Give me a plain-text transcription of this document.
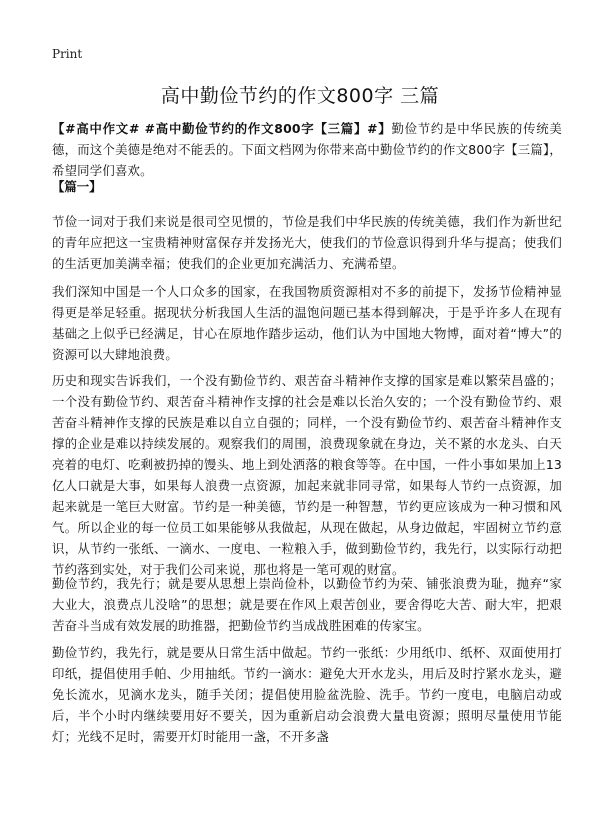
Print
高中勤俭节约的作文800字 三篇
【#高中作文# #高中勤俭节约的作文800字【三篇】#】勤俭节约是中华民族的传统美德，而这个美德是绝对不能丢的。下面文档网为你带来高中勤俭节约的作文800字【三篇】，希望同学们喜欢。
【篇一】

节俭一词对于我们来说是很司空见惯的，节俭是我们中华民族的传统美德，我们作为新世纪的青年应把这一宝贵精神财富保存并发扬光大，使我们的节俭意识得到升华与提高；使我们的生活更加美满幸福；使我们的企业更加充满活力、充满希望。

我们深知中国是一个人口众多的国家，在我国物质资源相对不多的前提下，发扬节俭精神显得更是举足轻重。据现状分析我国人生活的温饱问题已基本得到解决，于是乎许多人在现有基础之上似乎已经满足，甘心在原地作踏步运动，他们认为中国地大物博，面对着“博大”的资源可以大肆地浪费。

历史和现实告诉我们，一个没有勤俭节约、艰苦奋斗精神作支撑的国家是难以繁荣昌盛的；一个没有勤俭节约、艰苦奋斗精神作支撑的社会是难以长治久安的；一个没有勤俭节约、艰苦奋斗精神作支撑的民族是难以自立自强的；同样，一个没有勤俭节约、艰苦奋斗精神作支撑的企业是难以持续发展的。观察我们的周围，浪费现象就在身边，关不紧的水龙头、白天亮着的电灯、吃剩被扔掉的馒头、地上到处洒落的粮食等等。在中国，一件小事如果加上13亿人口就是大事，如果每人浪费一点资源，加起来就非同寻常，如果每人节约一点资源，加起来就是一笔巨大财富。节约是一种美德，节约是一种智慧，节约更应该成为一种习惯和风气。所以企业的每一位员工如果能够从我做起，从现在做起，从身边做起，牢固树立节约意识，从节约一张纸、一滴水、一度电、一粒粮入手，做到勤俭节约，我先行，以实际行动把节约落到实处，对于我们公司来说，那也将是一笔可观的财富。

勤俭节约，我先行；就是要从思想上崇尚俭朴，以勤俭节约为荣、铺张浪费为耻，抛弃“家大业大，浪费点儿没啥”的思想；就是要在作风上艰苦创业，要舍得吃大苦、耐大牢，把艰苦奋斗当成有效发展的助推器，把勤俭节约当成战胜困难的传家宝。

勤俭节约，我先行，就是要从日常生活中做起。节约一张纸：少用纸巾、纸杯、双面使用打印纸，提倡使用手帕、少用抽纸。节约一滴水：避免大开水龙头，用后及时拧紧水龙头，避免长流水，见滴水龙头，随手关闭；提倡使用脸盆洗脸、洗手。节约一度电，电脑启动或后，半个小时内继续要用好不要关，因为重新启动会浪费大量电资源；照明尽量使用节能灯；光线不足时，需要开灯时能用一盏，不开多盏
